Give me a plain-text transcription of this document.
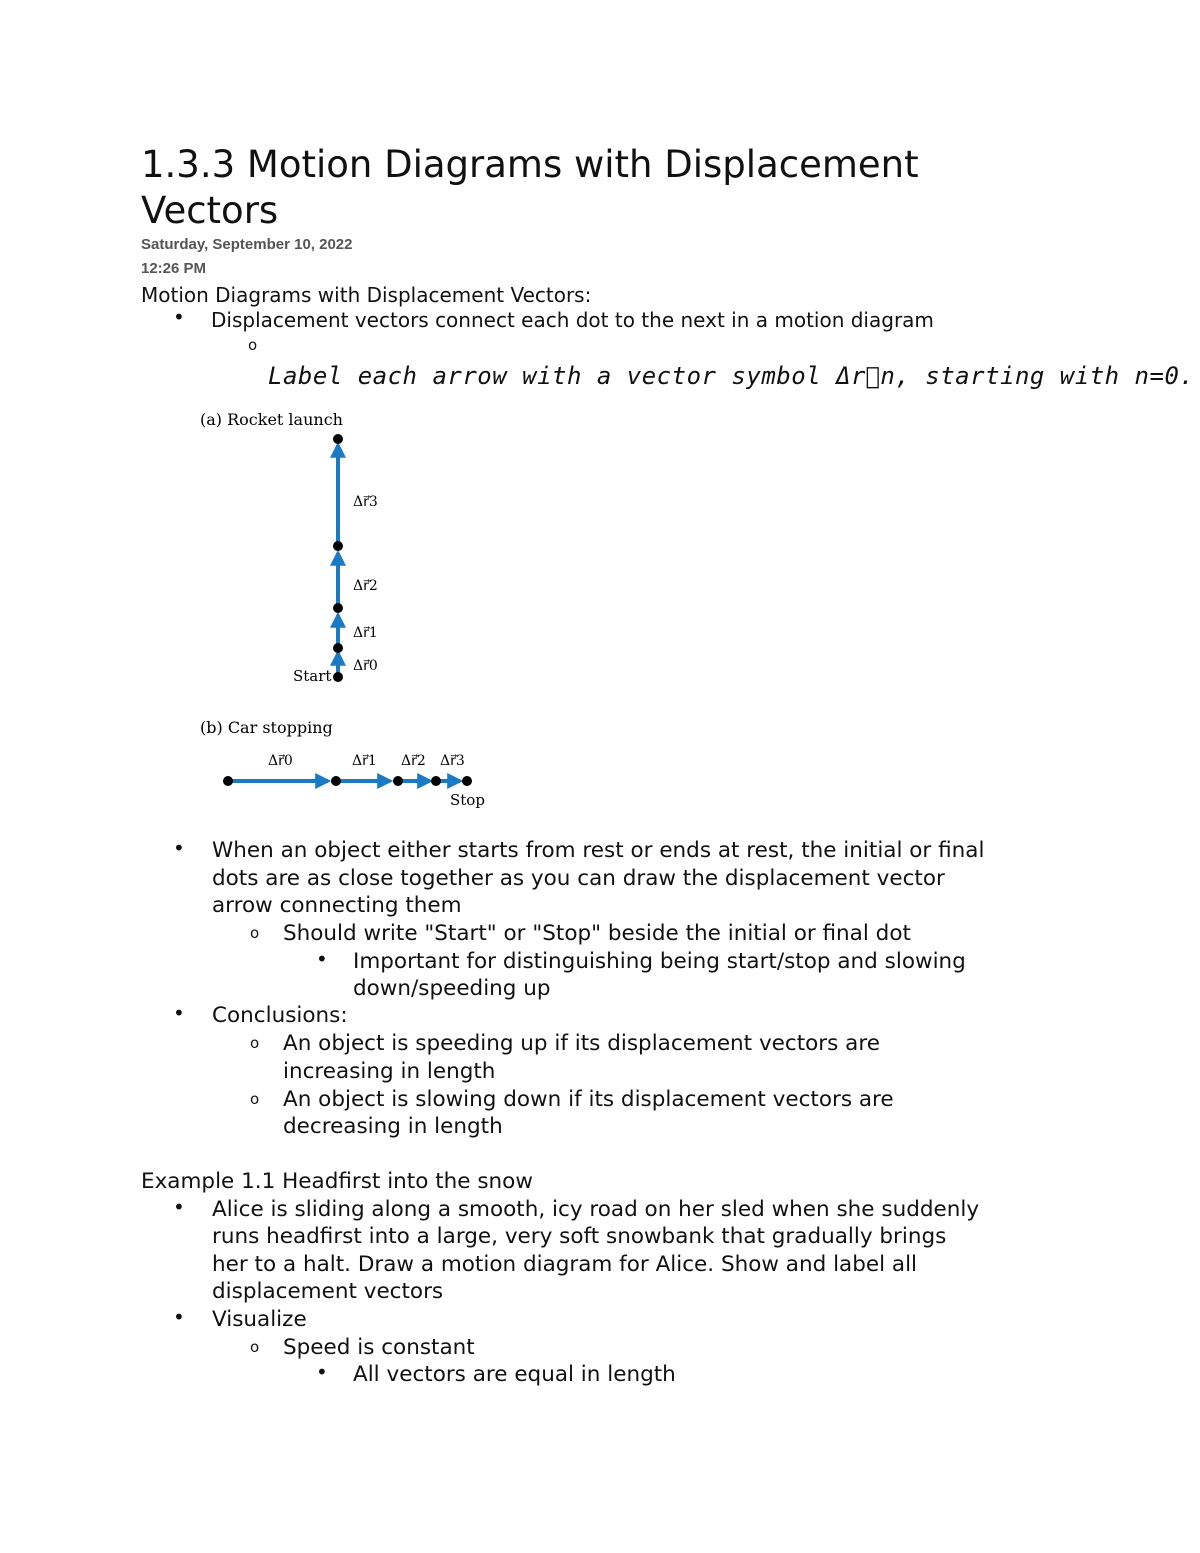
1.3.3 Motion Diagrams with Displacement Vectors
Saturday, September 10, 2022
12:26 PM
Motion Diagrams with Displacement Vectors:
• Displacement vectors connect each dot to the next in a motion diagram
o
Label each arrow with a vector symbol Δr⃗n, starting with n=0.
(a) Rocket launch
Δr⃗3
Δr⃗2
Δr⃗1
Δr⃗0
Start
(b) Car stopping
Δr⃗0	Δr⃗1 Δr⃗2 Δr⃗3
Stop
• When an object either starts from rest or ends at rest, the initial or final
dots are as close together as you can draw the displacement vector
arrow connecting them
o Should write "Start" or "Stop" beside the initial or final dot
• Important for distinguishing being start/stop and slowing
down/speeding up
• Conclusions:
o An object is speeding up if its displacement vectors are
increasing in length
o An object is slowing down if its displacement vectors are
decreasing in length
Example 1.1 Headfirst into the snow
• Alice is sliding along a smooth, icy road on her sled when she suddenly
runs headfirst into a large, very soft snowbank that gradually brings
her to a halt. Draw a motion diagram for Alice. Show and label all
displacement vectors
• Visualize
o Speed is constant
• All vectors are equal in length
